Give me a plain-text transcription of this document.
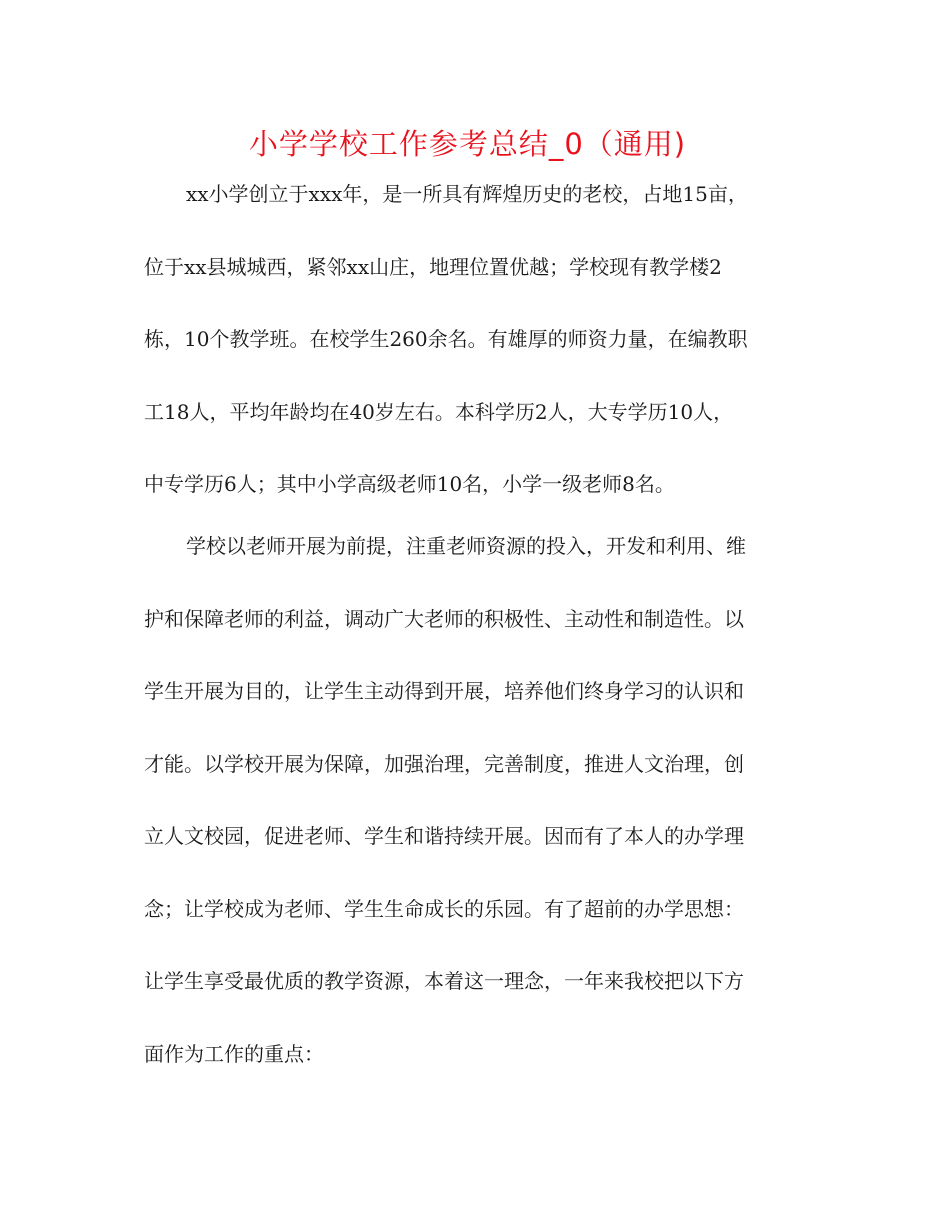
小学学校工作参考总结_0（通用)
xx小学创立于xxx年，是一所具有辉煌历史的老校，占地15亩，
位于xx县城城西，紧邻xx山庄，地理位置优越；学校现有教学楼2
栋，10个教学班。在校学生260余名。有雄厚的师资力量，在编教职
工18人，平均年龄均在40岁左右。本科学历2人，大专学历10人，
中专学历6人；其中小学高级老师10名，小学一级老师8名。
学校以老师开展为前提，注重老师资源的投入，开发和利用、维
护和保障老师的利益，调动广大老师的积极性、主动性和制造性。以
学生开展为目的，让学生主动得到开展，培养他们终身学习的认识和
才能。以学校开展为保障，加强治理，完善制度，推进人文治理，创
立人文校园，促进老师、学生和谐持续开展。因而有了本人的办学理
念；让学校成为老师、学生生命成长的乐园。有了超前的办学思想：
让学生享受最优质的教学资源，本着这一理念，一年来我校把以下方
面作为工作的重点：
